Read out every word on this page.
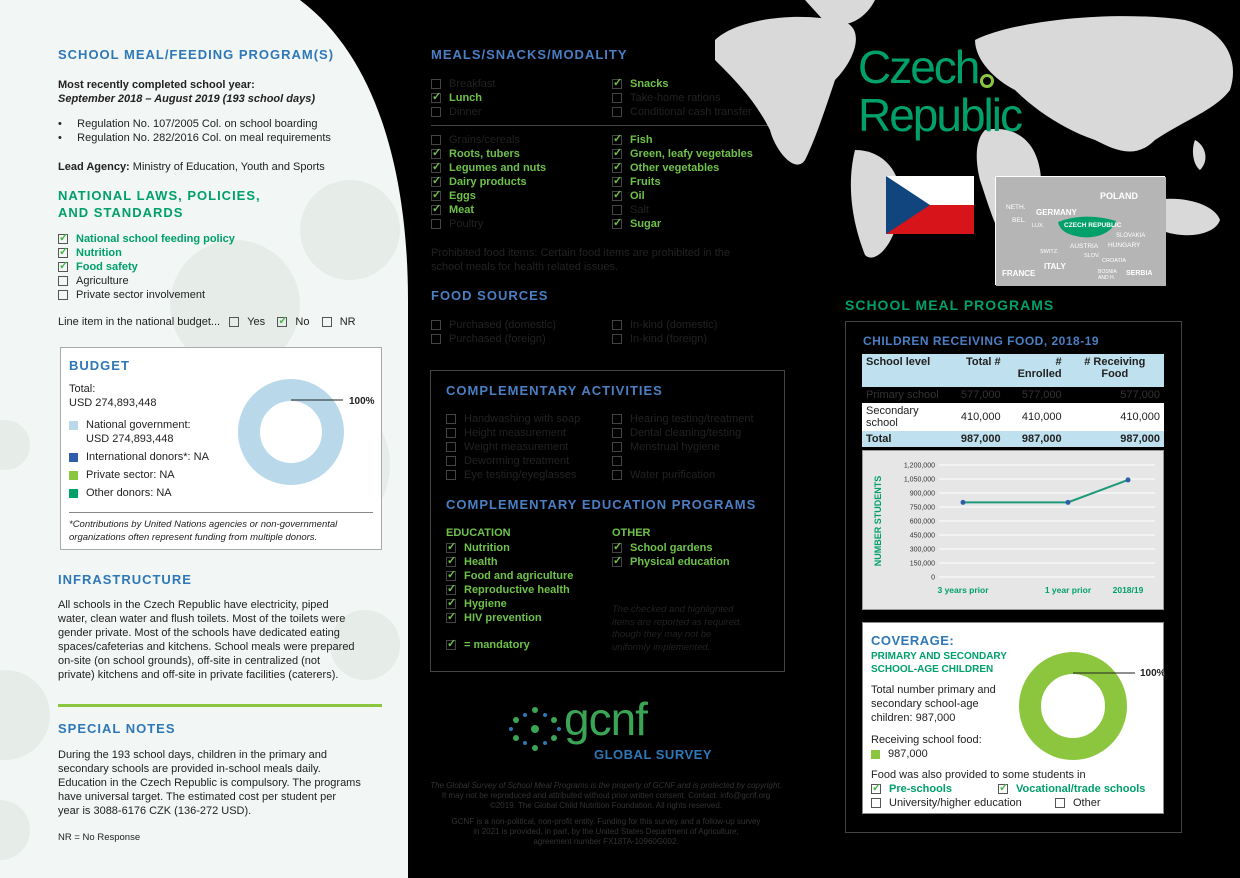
SCHOOL MEAL/FEEDING PROGRAM(S)
Most recently completed school year:
September 2018 – August 2019 (193 school days)
•     Regulation No. 107/2005 Col. on school boarding
•     Regulation No. 282/2016 Col. on meal requirements
Lead Agency: Ministry of Education, Youth and Sports
NATIONAL LAWS, POLICIES,
AND STANDARDS
✓National school feeding policy
✓Nutrition
✓Food safety
Agriculture
Private sector involvement
Line item in the national budget... Yes ✓	No	NR
BUDGET
Total:
USD 274,893,448
National government:
USD 274,893,448
International donors*: NA
Private sector: NA
Other donors: NA
100%
*Contributions by United Nations agencies or non-governmental
organizations often represent funding from multiple donors.
INFRASTRUCTURE
All schools in the Czech Republic have electricity, piped
water, clean water and flush toilets. Most of the toilets were
gender private. Most of the schools have dedicated eating
spaces/cafeterias and kitchens. School meals were prepared
on-site (on school grounds), off-site in centralized (not
private) kitchens and off-site in private facilities (caterers).
SPECIAL NOTES
During the 193 school days, children in the primary and
secondary schools are provided in-school meals daily.
Education in the Czech Republic is compulsory. The programs
have universal target. The estimated cost per student per
year is 3088-6176 CZK (136-272 USD).
NR = No Response
MEALS/SNACKS/MODALITY
Breakfast
✓Lunch
Dinner
✓Snacks
Take-home rations
Conditional cash transfer
Grains/cereals
✓Roots, tubers
✓Legumes and nuts
✓Dairy products
✓Eggs
✓Meat
Poultry
✓Fish
✓Green, leafy vegetables
✓Other vegetables
✓Fruits
✓Oil
Salt
✓Sugar
Prohibited food items: Certain food items are prohibited in the
school meals for health related issues.
FOOD SOURCES
Purchased (domestic)
Purchased (foreign)
In-kind (domestic)
In-kind (foreign)
COMPLEMENTARY ACTIVITIES
Handwashing with soap
Height measurement
Weight measurement
Deworming treatment
Eye testing/eyeglasses
Hearing testing/treatment
Dental cleaning/testing
Menstrual hygiene
Water purification
COMPLEMENTARY EDUCATION PROGRAMS
EDUCATION
✓Nutrition
✓Health
✓Food and agriculture
✓Reproductive health
✓Hygiene
✓HIV prevention
OTHER
✓School gardens
✓Physical education
✓= mandatory
The checked and highlighted
items are reported as required,
though they may not be
uniformly implemented.
gcnf
GLOBAL SURVEY
The Global Survey of School Meal Programs is the property of GCNF and is protected by copyright.
It may not be reproduced and attributed without prior written consent. Contact: info@gcnf.org
©2019. The Global Child Nutrition Foundation. All rights reserved.
GCNF is a non-political, non-profit entity. Funding for this survey and a follow-up survey
in 2021 is provided, in part, by the United States Department of Agriculture;
agreement number FX18TA-10960G002.
Czech
Republic
POLAND
GERMANY
NETH.
BEL.
LUX.	CZECH REPUBLIC
SLOVAKIA
AUSTRIA HUNGARY
SWITZ.
SLOV.
CROATIA
ITALY
FRANCE	BOSNIA AND H.
SERBIA
SCHOOL MEAL PROGRAMS
CHILDREN RECEIVING FOOD, 2018-19
School level	Total #	# Enrolled	# Receiving Food
Primary school	577,000	577,000	577,000
Secondary school	410,000	410,000	410,000
Total	987,000	987,000	987,000
1,200,000
1,050,000
900,000
750,000
600,000
450,000
300,000
150,000
0
NUMBER STUDENTS
3 years prior	1 year prior	2018/19
COVERAGE:
PRIMARY AND SECONDARY
SCHOOL-AGE CHILDREN
Total number primary and
secondary school-age
children: 987,000
Receiving school food:
987,000
100%
Food was also provided to some students in
✓Pre-schools ✓	Vocational/trade schools
University/higher education	Other
